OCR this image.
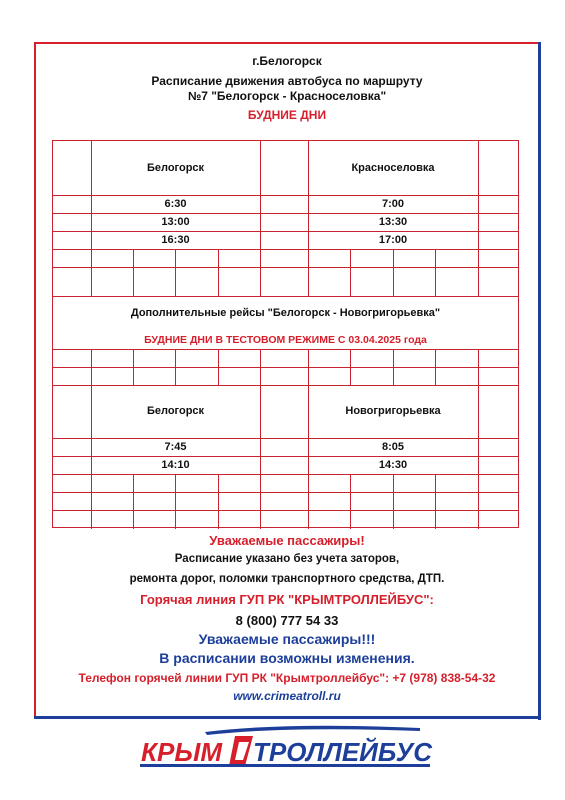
г.Белогорск
Расписание движения автобуса по маршруту
№7 "Белогорск - Красноселовка"
БУДНИЕ ДНИ
Белогорск	Красноселовка
6:30	7:00
13:00	13:30
16:30	17:00
Дополнительные рейсы "Белогорск - Новогригорьевка"
БУДНИЕ ДНИ В ТЕСТОВОМ РЕЖИМЕ С 03.04.2025 года
Белогорск	Новогригорьевка
7:45	8:05
14:10	14:30
Уважаемые пассажиры!
Расписание указано без учета заторов,
ремонта дорог, поломки транспортного средства, ДТП.
Горячая линия ГУП РК "КРЫМТРОЛЛЕЙБУС":
8 (800) 777 54 33
Уважаемые пассажиры!!!
В расписании возможны изменения.
Телефон горячей линии ГУП РК "Крымтроллейбус": +7 (978) 838-54-32
www.crimeatroll.ru
КРЫМ ТРОЛЛЕЙБУС
